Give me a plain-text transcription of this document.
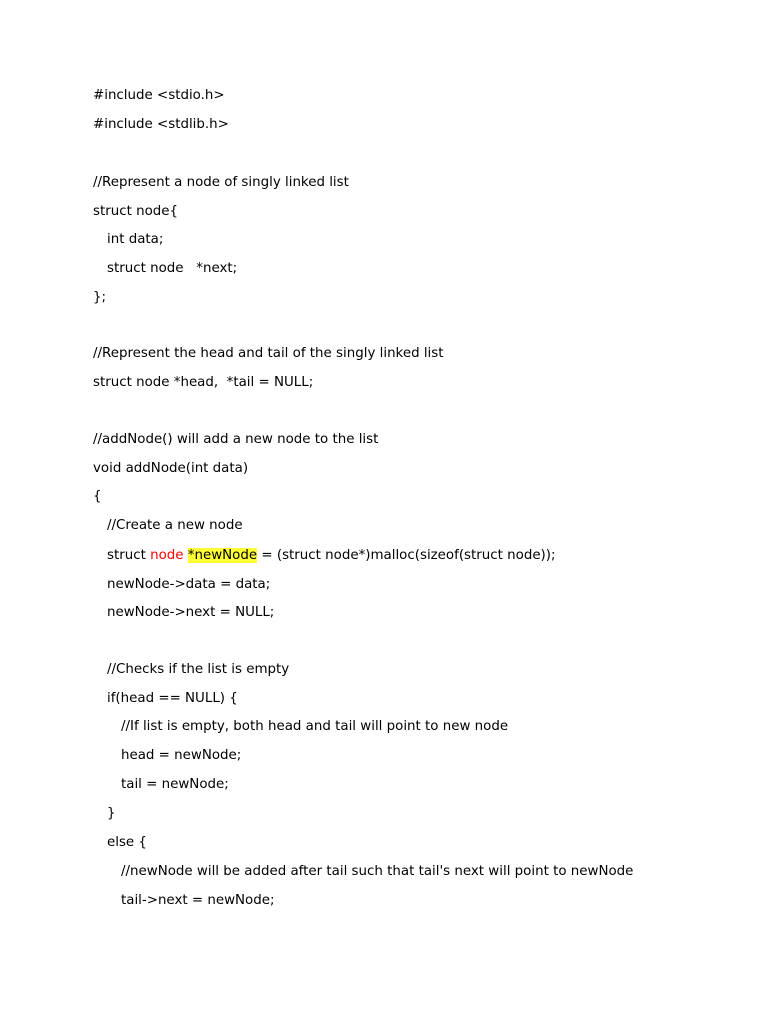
#include <stdio.h>
#include <stdlib.h>
//Represent a node of singly linked list
struct node{
int data;
struct node   *next;
};
//Represent the head and tail of the singly linked list
struct node *head,  *tail = NULL;
//addNode() will add a new node to the list
void addNode(int data)
{
//Create a new node
struct node *newNode = (struct node*)malloc(sizeof(struct node));
newNode->data = data;
newNode->next = NULL;
//Checks if the list is empty
if(head == NULL) {
//If list is empty, both head and tail will point to new node
head = newNode;
tail = newNode;
}
else {
//newNode will be added after tail such that tail's next will point to newNode
tail->next = newNode;
